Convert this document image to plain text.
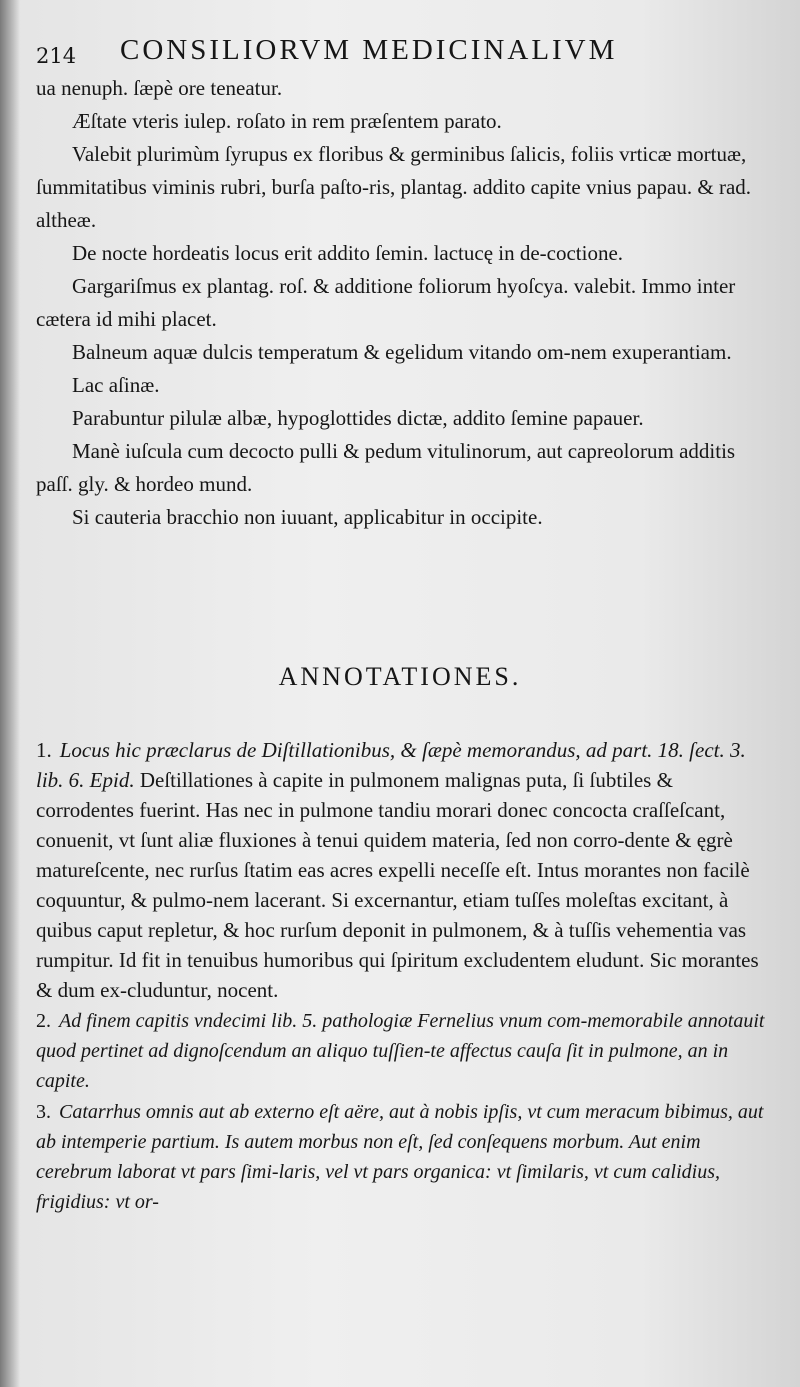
214 CONSILIORVM MEDICINALIVM

ua nenuph. ſæpè ore teneatur.

Æſtate vteris iulep. roſato in rem præſentem parato.

Valebit plurimùm ſyrupus ex floribus & germinibus ſalicis, foliis vrticæ mortuæ, ſummitatibus viminis rubri, burſa paſto-ris, plantag. addito capite vnius papau. & rad. altheæ.

De nocte hordeatis locus erit addito ſemin. lactucę in de-coctione.

Gargariſmus ex plantag. roſ. & additione foliorum hyoſcya. valebit. Immo inter cætera id mihi placet.

Balneum aquæ dulcis temperatum & egelidum vitando om-nem exuperantiam.

Lac aſinæ.

Parabuntur pilulæ albæ, hypoglottides dictæ, addito ſemine papauer.

Manè iuſcula cum decocto pulli & pedum vitulinorum, aut capreolorum additis paſſ. gly. & hordeo mund.

Si cauteria bracchio non iuuant, applicabitur in occipite.

ANNOTATIONES.

1. Locus hic præclarus de Diſtillationibus, & ſæpè memorandus, ad part. 18. ſect. 3. lib. 6. Epid. Deſtillationes à capite in pulmonem malignas puta, ſi ſubtiles & corrodentes fuerint. Has nec in pulmone tandiu morari donec concocta craſſeſcant, conuenit, vt ſunt aliæ fluxiones à tenui quidem materia, ſed non corro-dente & ęgrè matureſcente, nec rurſus ſtatim eas acres expelli neceſſe eſt. Intus morantes non facilè coquuntur, & pulmo-nem lacerant. Si excernantur, etiam tuſſes moleſtas excitant, à quibus caput repletur, & hoc rurſum deponit in pulmonem, & à tuſſis vehementia vas rumpitur. Id fit in tenuibus humoribus qui ſpiritum excludentem eludunt. Sic morantes & dum ex-cluduntur, nocent.

2. Ad finem capitis vndecimi lib. 5. pathologiæ Fernelius vnum com-memorabile annotauit quod pertinet ad dignoſcendum an aliquo tuſſien-te affectus cauſa ſit in pulmone, an in capite.

3. Catarrhus omnis aut ab externo eſt aëre, aut à nobis ipſis, vt cum meracum bibimus, aut ab intemperie partium. Is autem morbus non eſt, ſed conſequens morbum. Aut enim cerebrum laborat vt pars ſimi-laris, vel vt pars organica: vt ſimilaris, vt cum calidius, frigidius: vt or-
